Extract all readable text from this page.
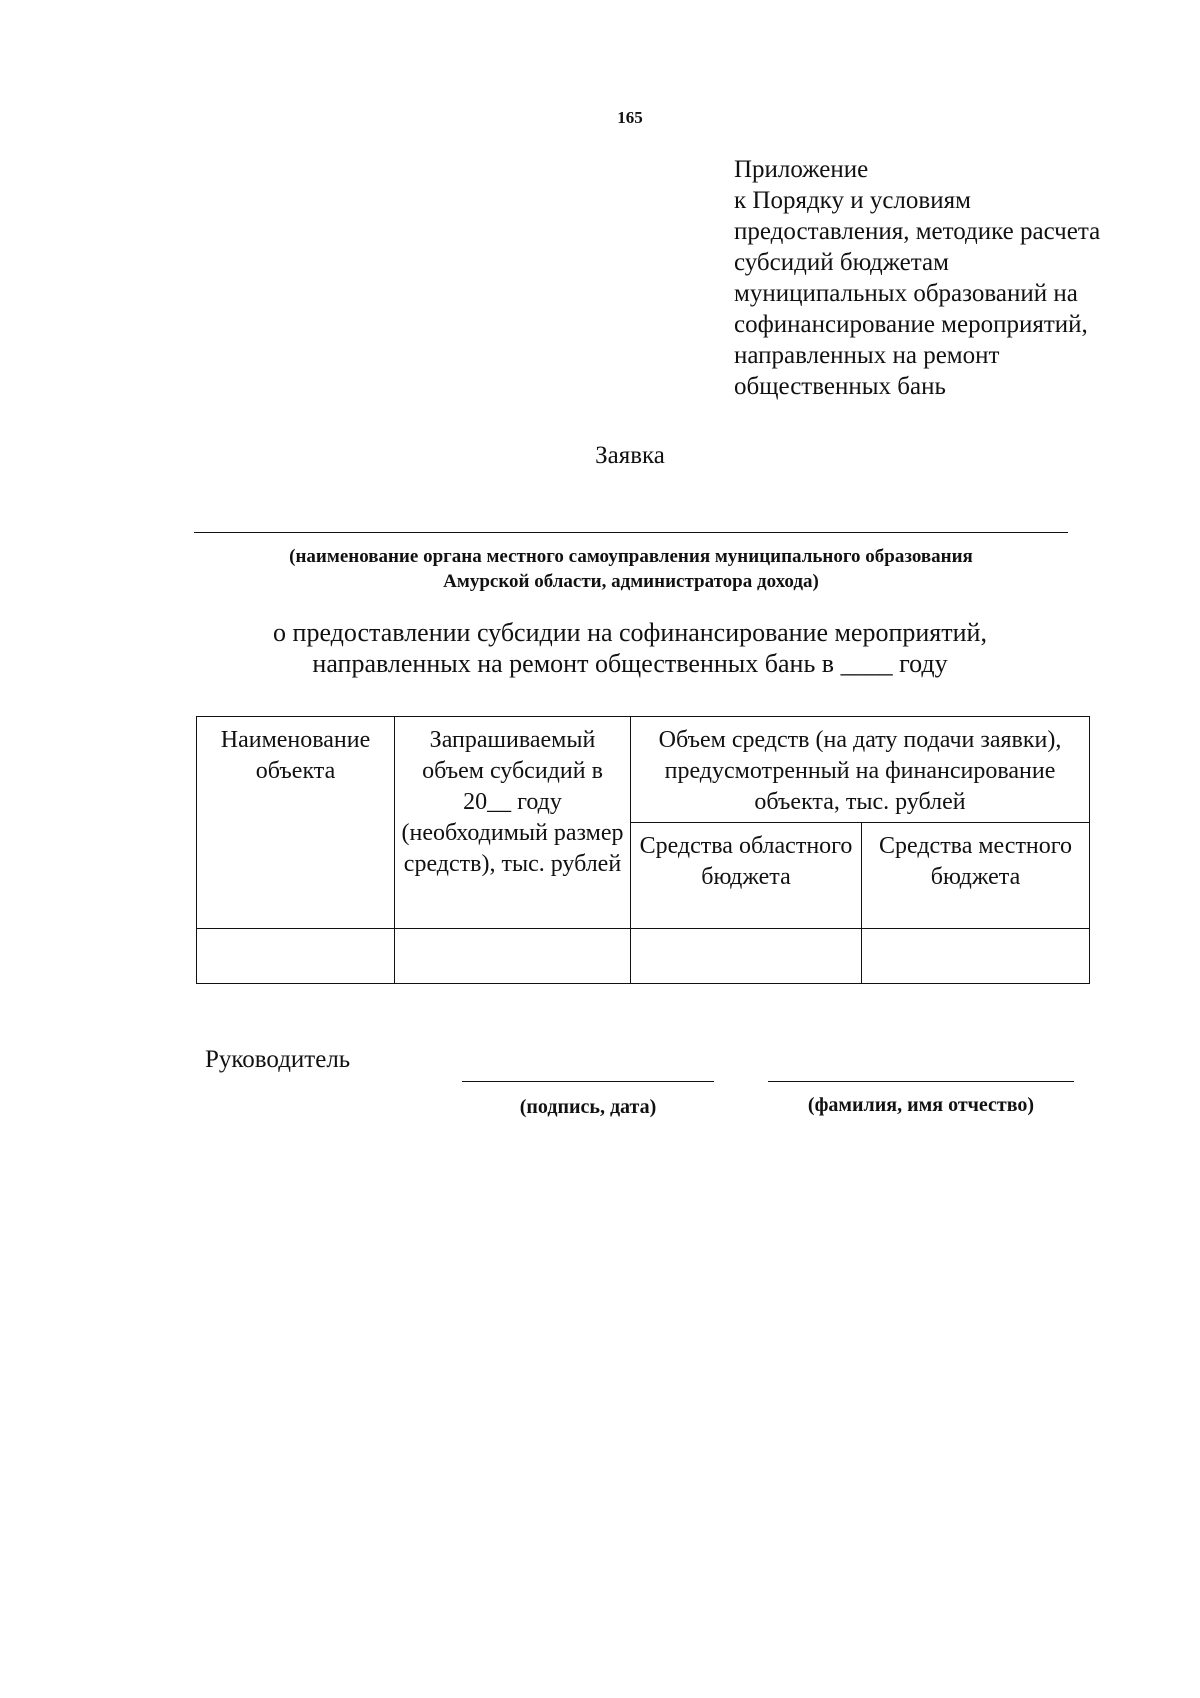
165
Приложение
к Порядку и условиям
предоставления, методике расчета
субсидий бюджетам
муниципальных образований на
софинансирование мероприятий,
направленных на ремонт
общественных бань
Заявка
(наименование органа местного самоуправления муниципального образования
Амурской области, администратора дохода)
о предоставлении субсидии на софинансирование мероприятий,
направленных на ремонт общественных бань в ____ году
Наименование объекта	Запрашиваемый объем субсидий в 20__ году (необходимый размер средств), тыс. рублей	Объем средств (на дату подачи заявки), предусмотренный на финансирование объекта, тыс. рублей	
		Средства областного бюджета	Средства местного бюджета

Руководитель
(подпись, дата)	(фамилия, имя отчество)
